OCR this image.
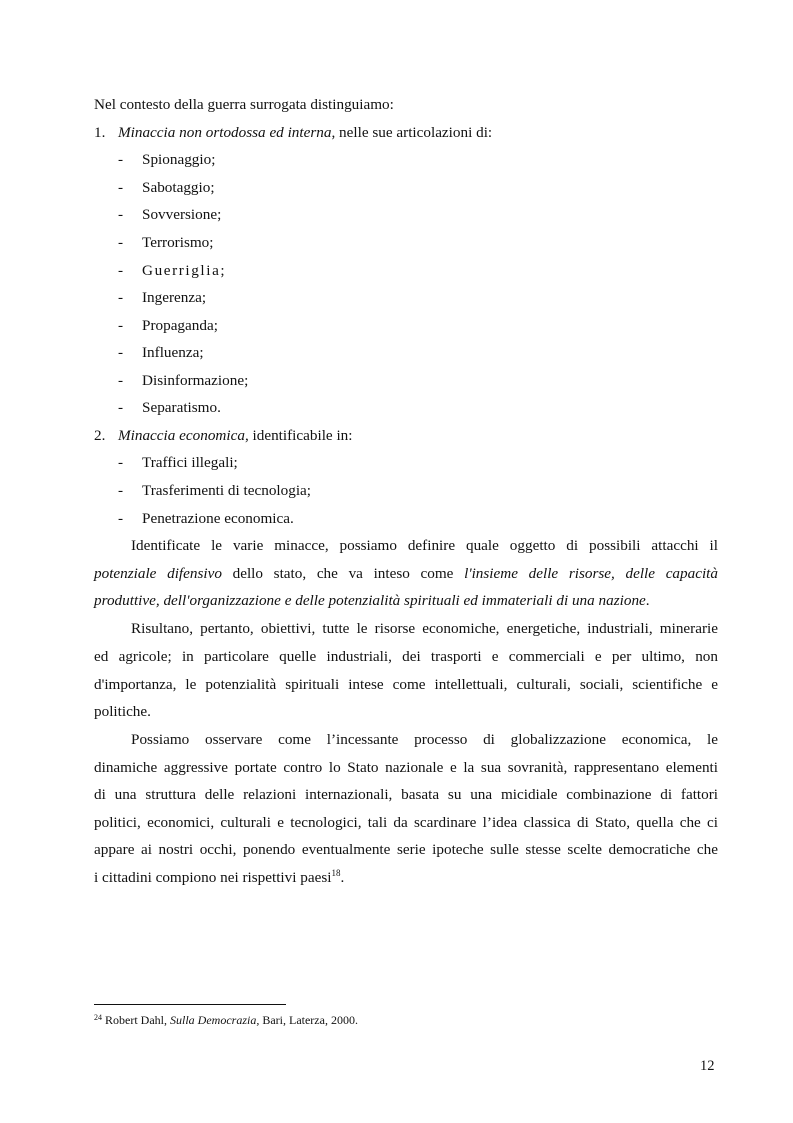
Nel contesto della guerra surrogata distinguiamo:
1. Minaccia non ortodossa ed interna, nelle sue articolazioni di:
- Spionaggio;
- Sabotaggio;
- Sovversione;
- Terrorismo;
- Guerriglia;
- Ingerenza;
- Propaganda;
- Influenza;
- Disinformazione;
- Separatismo.
2. Minaccia economica, identificabile in:
- Traffici illegali;
- Trasferimenti di tecnologia;
- Penetrazione economica.
Identificate le varie minacce, possiamo definire quale oggetto di possibili attacchi il
potenziale difensivo dello stato, che va inteso come l'insieme delle risorse, delle capacità
produttive, dell'organizzazione e delle potenzialità spirituali ed immateriali di una nazione.
Risultano, pertanto, obiettivi, tutte le risorse economiche, energetiche, industriali, minerarie
ed agricole; in particolare quelle industriali, dei trasporti e commerciali e per ultimo, non
d'importanza, le potenzialità spirituali intese come intellettuali, culturali, sociali, scientifiche e
politiche.
Possiamo osservare come l’incessante processo di globalizzazione economica, le
dinamiche aggressive portate contro lo Stato nazionale e la sua sovranità, rappresentano elementi
di una struttura delle relazioni internazionali, basata su una micidiale combinazione di fattori
politici, economici, culturali e tecnologici, tali da scardinare l’idea classica di Stato, quella che ci
appare ai nostri occhi, ponendo eventualmente serie ipoteche sulle stesse scelte democratiche che
i cittadini compiono nei rispettivi paesi$^{18}$.
$^{24}$ Robert Dahl, Sulla Democrazia, Bari, Laterza, 2000.
12
